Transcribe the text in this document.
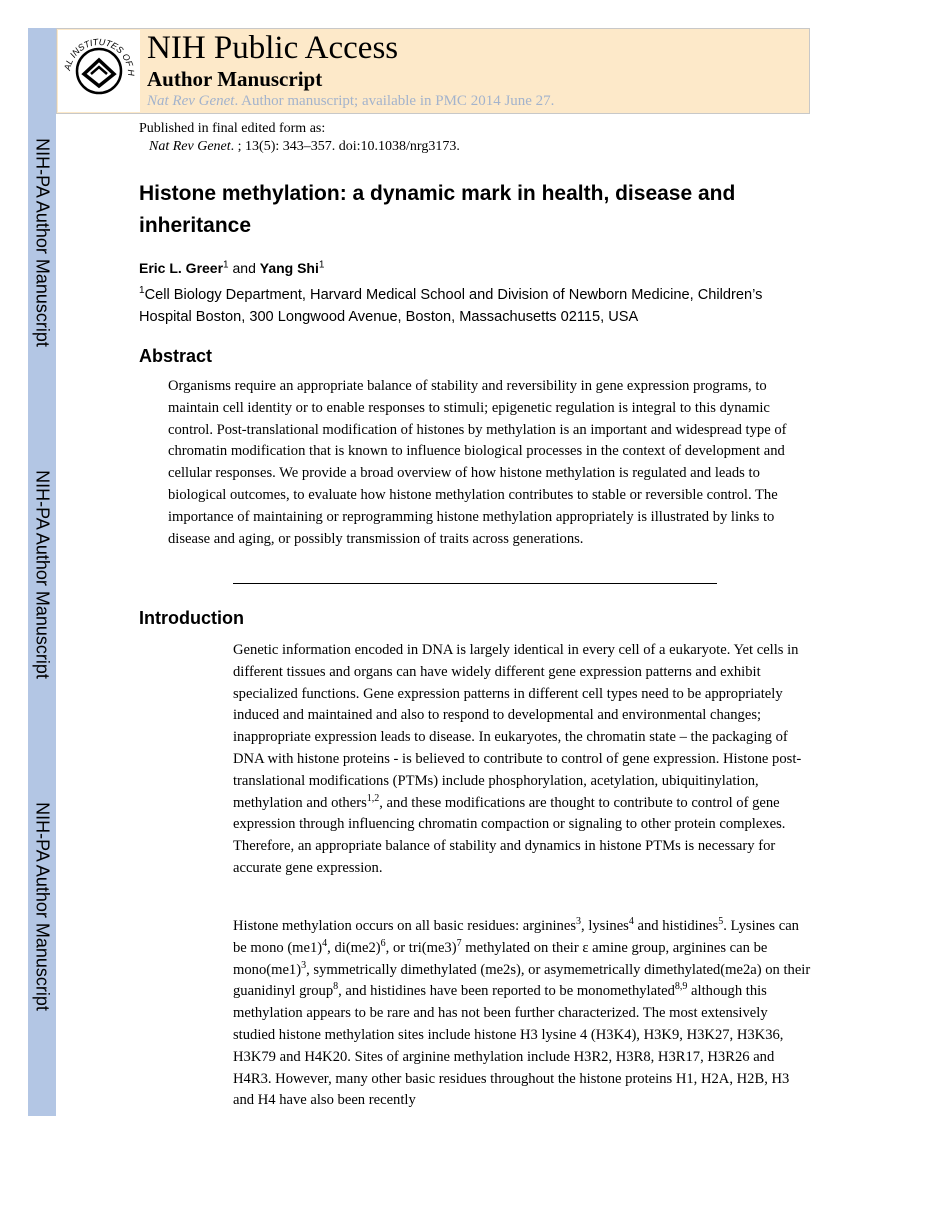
NIH-PA Author Manuscript
NIH-PA Author Manuscript
NIH-PA Author Manuscript
AL INSTITUTES OF H
NIH Public Access
Author Manuscript
Nat Rev Genet. Author manuscript; available in PMC 2014 June 27.
Published in final edited form as:
Nat Rev Genet. ; 13(5): 343–357. doi:10.1038/nrg3173.
Histone methylation: a dynamic mark in health, disease and inheritance
Eric L. Greer$^1$ and Yang Shi$^1$
$^1$Cell Biology Department, Harvard Medical School and Division of Newborn Medicine, Children’s Hospital Boston, 300 Longwood Avenue, Boston, Massachusetts 02115, USA
Abstract
Organisms require an appropriate balance of stability and reversibility in gene expression programs, to maintain cell identity or to enable responses to stimuli; epigenetic regulation is integral to this dynamic control. Post-translational modification of histones by methylation is an important and widespread type of chromatin modification that is known to influence biological processes in the context of development and cellular responses. We provide a broad overview of how histone methylation is regulated and leads to biological outcomes, to evaluate how histone methylation contributes to stable or reversible control. The importance of maintaining or reprogramming histone methylation appropriately is illustrated by links to disease and aging, or possibly transmission of traits across generations.
Introduction
Genetic information encoded in DNA is largely identical in every cell of a eukaryote. Yet cells in different tissues and organs can have widely different gene expression patterns and exhibit specialized functions. Gene expression patterns in different cell types need to be appropriately induced and maintained and also to respond to developmental and environmental changes; inappropriate expression leads to disease. In eukaryotes, the chromatin state – the packaging of DNA with histone proteins - is believed to contribute to control of gene expression. Histone post-translational modifications (PTMs) include phosphorylation, acetylation, ubiquitinylation, methylation and others$^{1,2}$, and these modifications are thought to contribute to control of gene expression through influencing chromatin compaction or signaling to other protein complexes. Therefore, an appropriate balance of stability and dynamics in histone PTMs is necessary for accurate gene expression.
Histone methylation occurs on all basic residues: arginines$^3$, lysines$^4$ and histidines$^5$. Lysines can be mono $(me1)^4$, $di(me2)^6$, or $tri(me3)^7$ methylated on their ε amine group, arginines can be $mono(me1)^3$, symmetrically dimethylated (me2s), or asymemetrically dimethylated(me2a) on their guanidinyl group$^8$, and histidines have been reported to be monomethylated$^{8,9}$ although this methylation appears to be rare and has not been further characterized. The most extensively studied histone methylation sites include histone H3 lysine 4 (H3K4), H3K9, H3K27, H3K36, H3K79 and H4K20. Sites of arginine methylation include H3R2, H3R8, H3R17, H3R26 and H4R3. However, many other basic residues throughout the histone proteins H1, H2A, H2B, H3 and H4 have also been recently
